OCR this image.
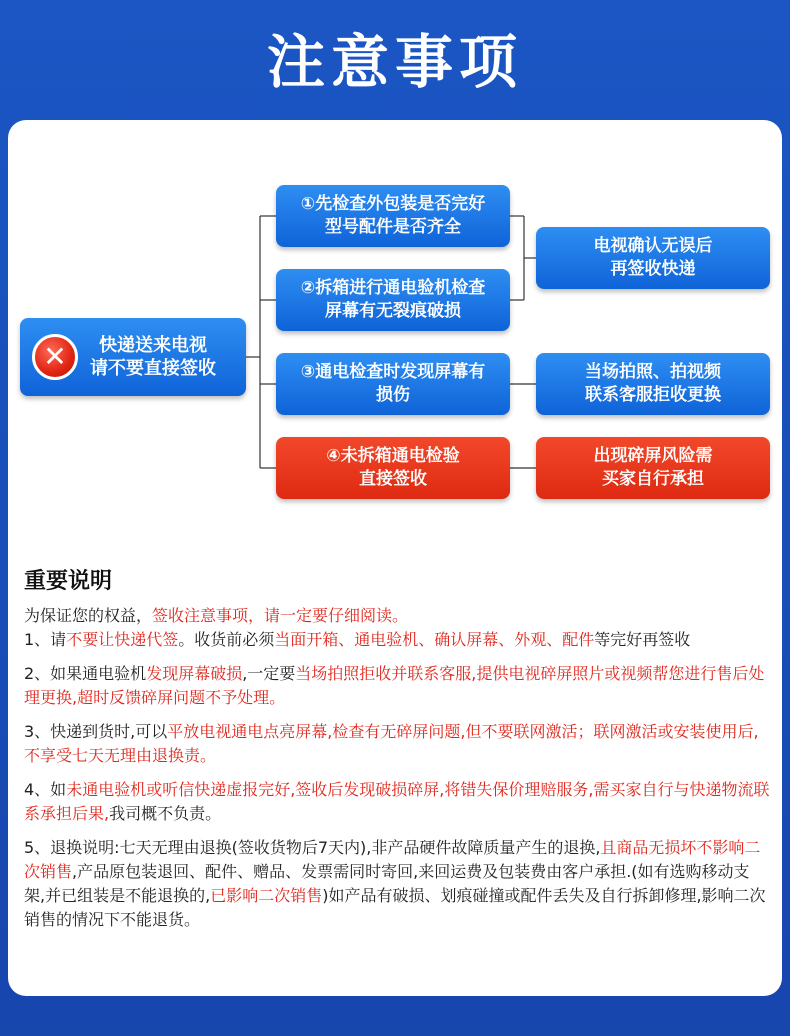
注意事项
✕	快递送来电视
请不要直接签收
①先检查外包装是否完好
型号配件是否齐全
②拆箱进行通电验机检查
屏幕有无裂痕破损
③通电检查时发现屏幕有
损伤
④未拆箱通电检验
直接签收
电视确认无误后
再签收快递
当场拍照、拍视频
联系客服拒收更换
出现碎屏风险需
买家自行承担
重要说明

为保证您的权益，签收注意事项，请一定要仔细阅读。

1、请不要让快递代签。收货前必须当面开箱、通电验机、确认屏幕、外观、配件等完好再签收

2、如果通电验机发现屏幕破损,一定要当场拍照拒收并联系客服,提供电视碎屏照片或视频帮您进行售后处理更换,超时反馈碎屏问题不予处理。

3、快递到货时,可以平放电视通电点亮屏幕,检查有无碎屏问题,但不要联网激活；联网激活或安装使用后,不享受七天无理由退换责。

4、如未通电验机或听信快递虚报完好,签收后发现破损碎屏,将错失保价理赔服务,需买家自行与快递物流联系承担后果,我司概不负责。

5、退换说明:七天无理由退换(签收货物后7天内),非产品硬件故障质量产生的退换,且商品无损坏不影响二次销售,产品原包装退回、配件、赠品、发票需同时寄回,来回运费及包装费由客户承担.(如有选购移动支架,并已组装是不能退换的,已影响二次销售)如产品有破损、划痕碰撞或配件丢失及自行拆卸修理,影响二次销售的情况下不能退货。
